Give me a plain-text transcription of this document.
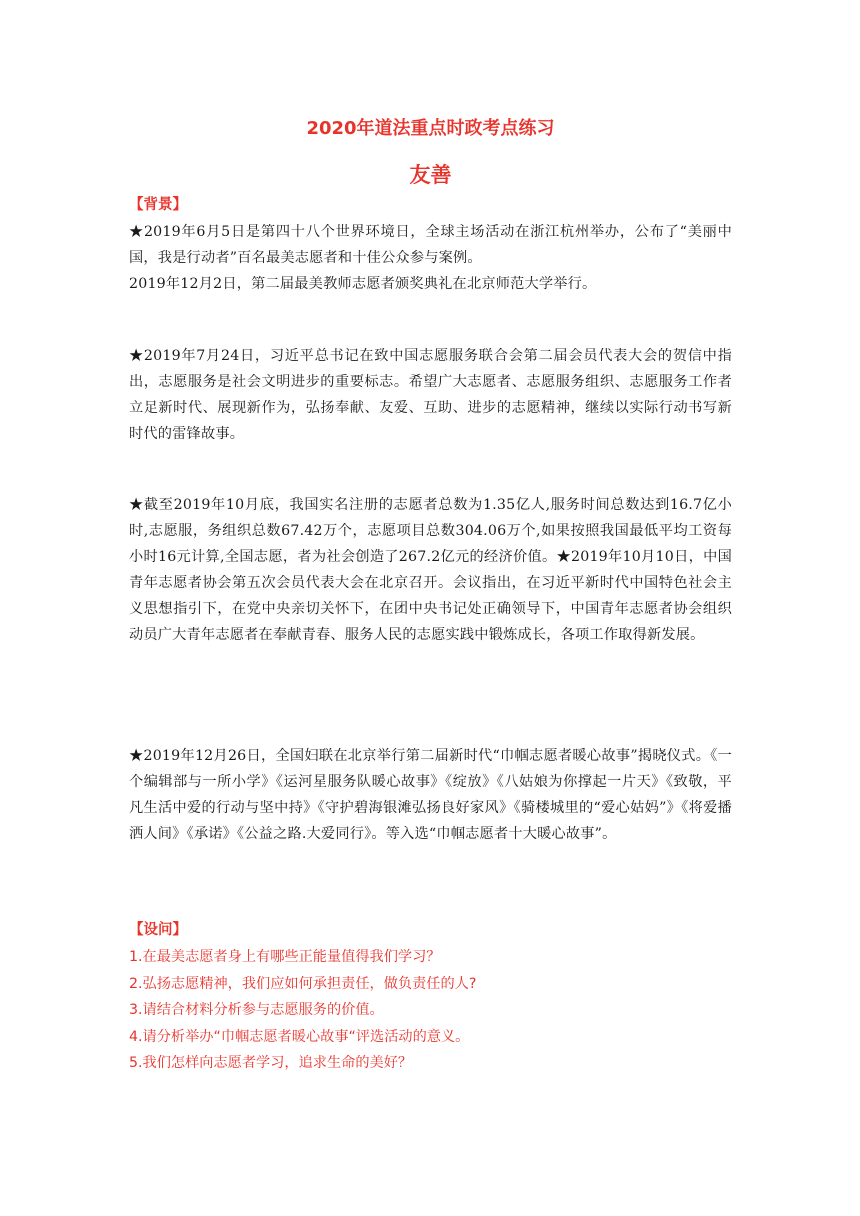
2020年道法重点时政考点练习
友善
【背景】
★2019年6月5日是第四十八个世界环境日，全球主场活动在浙江杭州举办，公布了“美丽中国，我是行动者”百名最美志愿者和十佳公众参与案例。
2019年12月2日，第二届最美教师志愿者颁奖典礼在北京师范大学举行。
★2019年7月24日，习近平总书记在致中国志愿服务联合会第二届会员代表大会的贺信中指出，志愿服务是社会文明进步的重要标志。希望广大志愿者、志愿服务组织、志愿服务工作者立足新时代、展现新作为，弘扬奉献、友爱、互助、进步的志愿精神，继续以实际行动书写新时代的雷锋故事。
★截至2019年10月底，我国实名注册的志愿者总数为1.35亿人,服务时间总数达到16.7亿小时,志愿服，务组织总数67.42万个，志愿项目总数304.06万个,如果按照我国最低平均工资每小时16元计算,全国志愿，者为社会创造了267.2亿元的经济价值。★2019年10月10日，中国青年志愿者协会第五次会员代表大会在北京召开。会议指出，在习近平新时代中国特色社会主义思想指引下，在党中央亲切关怀下，在团中央书记处正确领导下，中国青年志愿者协会组织动员广大青年志愿者在奉献青春、服务人民的志愿实践中锻炼成长，各项工作取得新发展。
★2019年12月26日，全国妇联在北京举行第二届新时代“巾帼志愿者暖心故事”揭晓仪式。《一个编辑部与一所小学》《运河星服务队暖心故事》《绽放》《八姑娘为你撑起一片天》《致敬，平凡生活中爱的行动与坚中持》《守护碧海银滩弘扬良好家风》《骑楼城里的“爱心姑妈”》《将爱播洒人间》《承诺》《公益之路.大爱同行》。等入选“巾帼志愿者十大暖心故事”。
【设问】
1.在最美志愿者身上有哪些正能量值得我们学习？
2.弘扬志愿精神，我们应如何承担责任，做负责任的人?
3.请结合材料分析参与志愿服务的价值。
4.请分析举办“巾帼志愿者暖心故事“评选活动的意义。
5.我们怎样向志愿者学习，追求生命的美好？
